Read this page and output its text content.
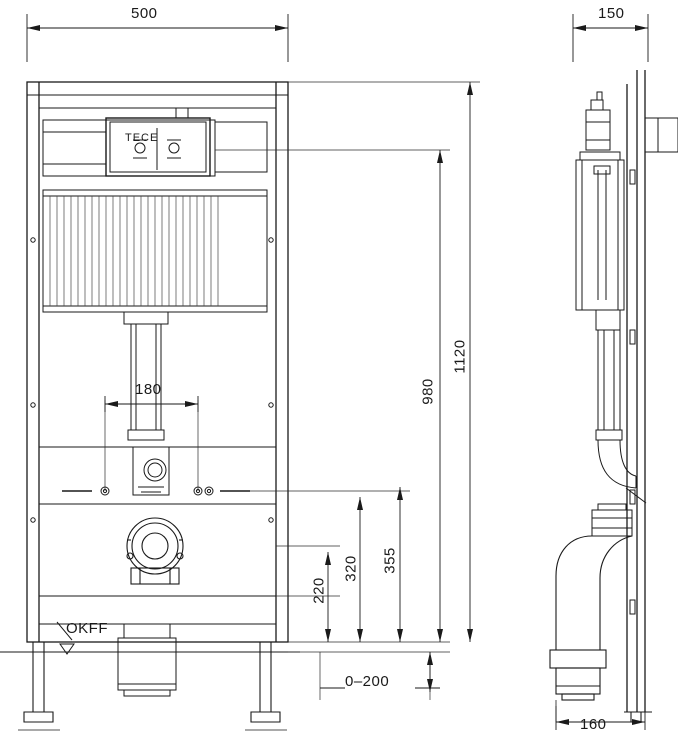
500	150
180
1120
980
355
320
220
0–200
160
OKFF
TECE
